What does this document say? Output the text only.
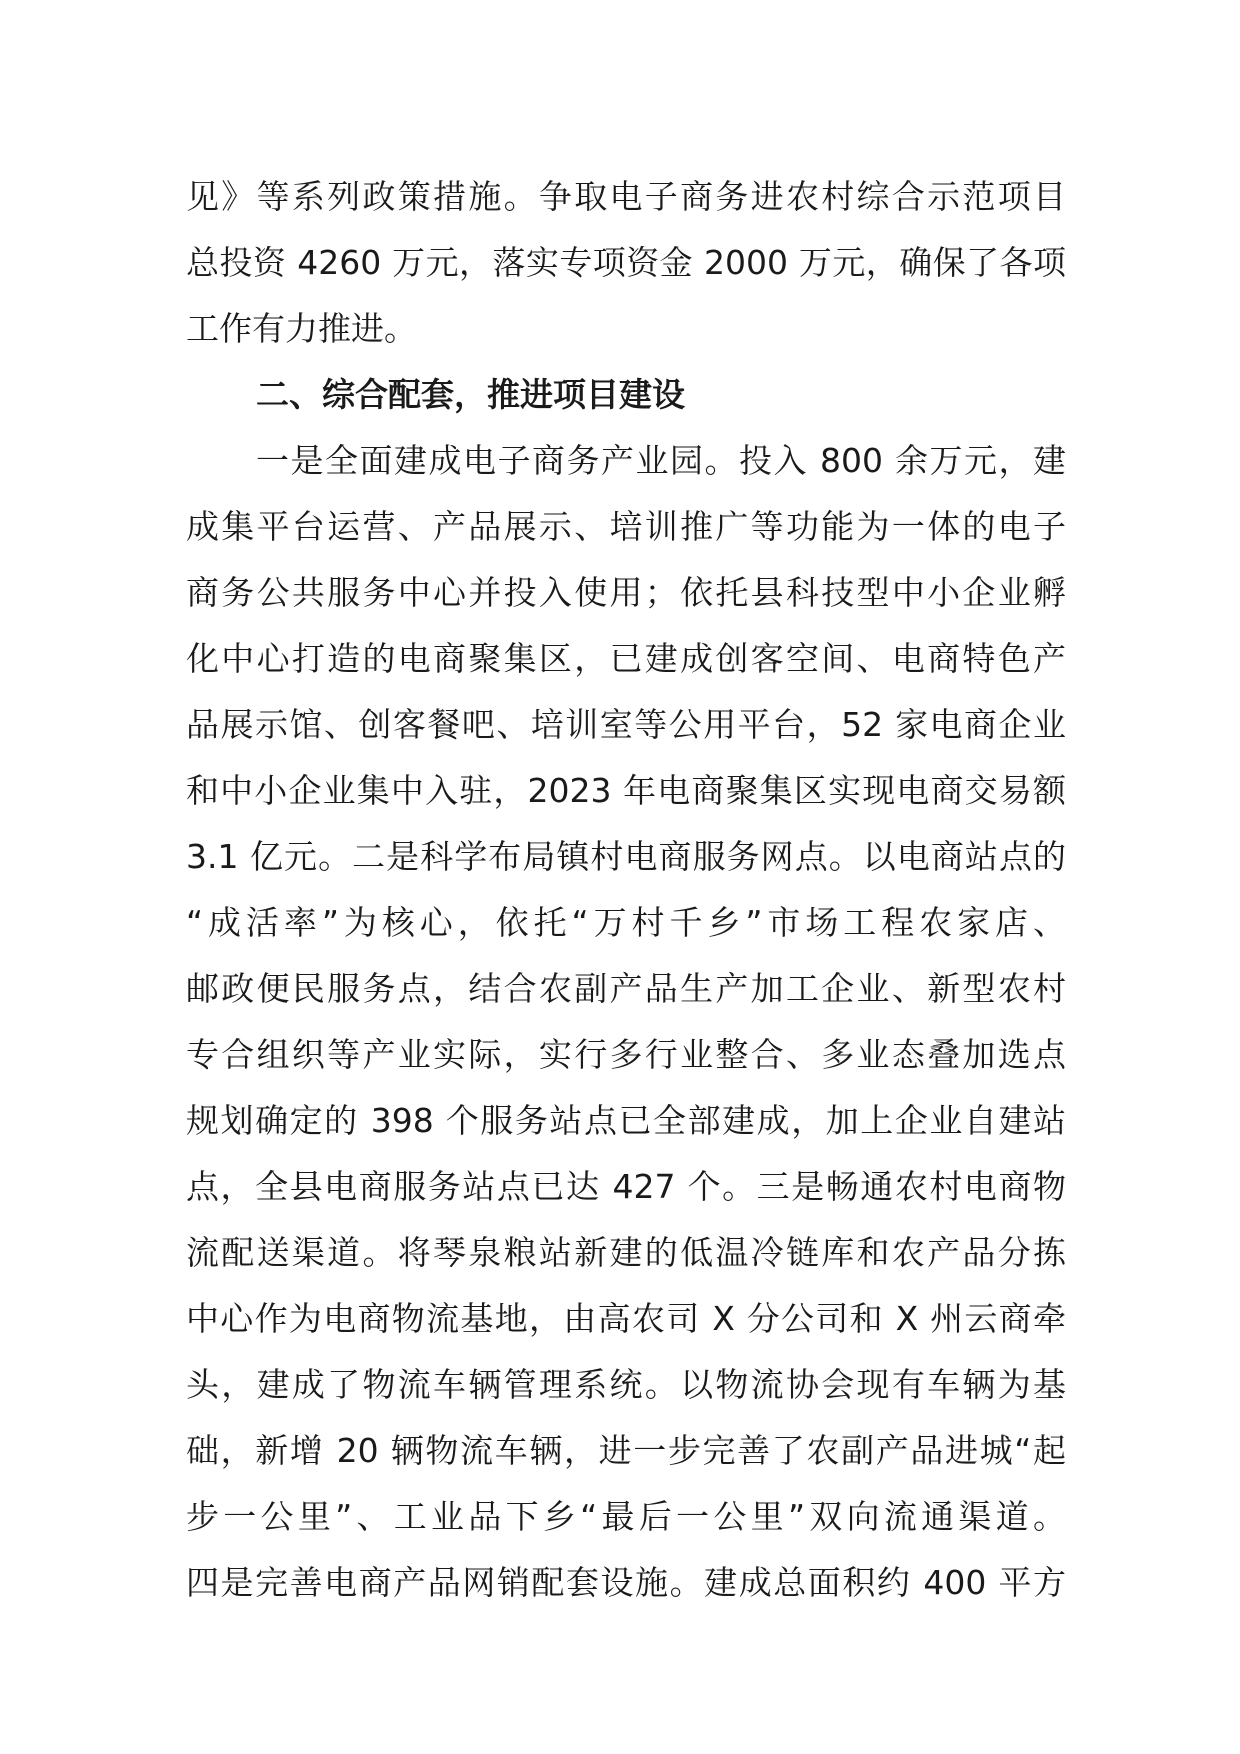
见》等系列政策措施。争取电子商务进农村综合示范项目
总投资 4260 万元，落实专项资金 2000 万元，确保了各项
工作有力推进。
二、综合配套，推进项目建设
一是全面建成电子商务产业园。投入 800 余万元，建
成集平台运营、产品展示、培训推广等功能为一体的电子
商务公共服务中心并投入使用；依托县科技型中小企业孵
化中心打造的电商聚集区，已建成创客空间、电商特色产
品展示馆、创客餐吧、培训室等公用平台，52 家电商企业
和中小企业集中入驻，2023 年电商聚集区实现电商交易额
3.1 亿元。二是科学布局镇村电商服务网点。以电商站点的
“成活率”为核心，依托“万村千乡”市场工程农家店、
邮政便民服务点，结合农副产品生产加工企业、新型农村
专合组织等产业实际，实行多行业整合、多业态叠加选点
规划确定的 398 个服务站点已全部建成，加上企业自建站
点，全县电商服务站点已达 427 个。三是畅通农村电商物
流配送渠道。将琴泉粮站新建的低温冷链库和农产品分拣
中心作为电商物流基地，由高农司 X 分公司和 X 州云商牵
头，建成了物流车辆管理系统。以物流协会现有车辆为基
础，新增 20 辆物流车辆，进一步完善了农副产品进城“起
步一公里”、工业品下乡“最后一公里”双向流通渠道。
四是完善电商产品网销配套设施。建成总面积约 400 平方
